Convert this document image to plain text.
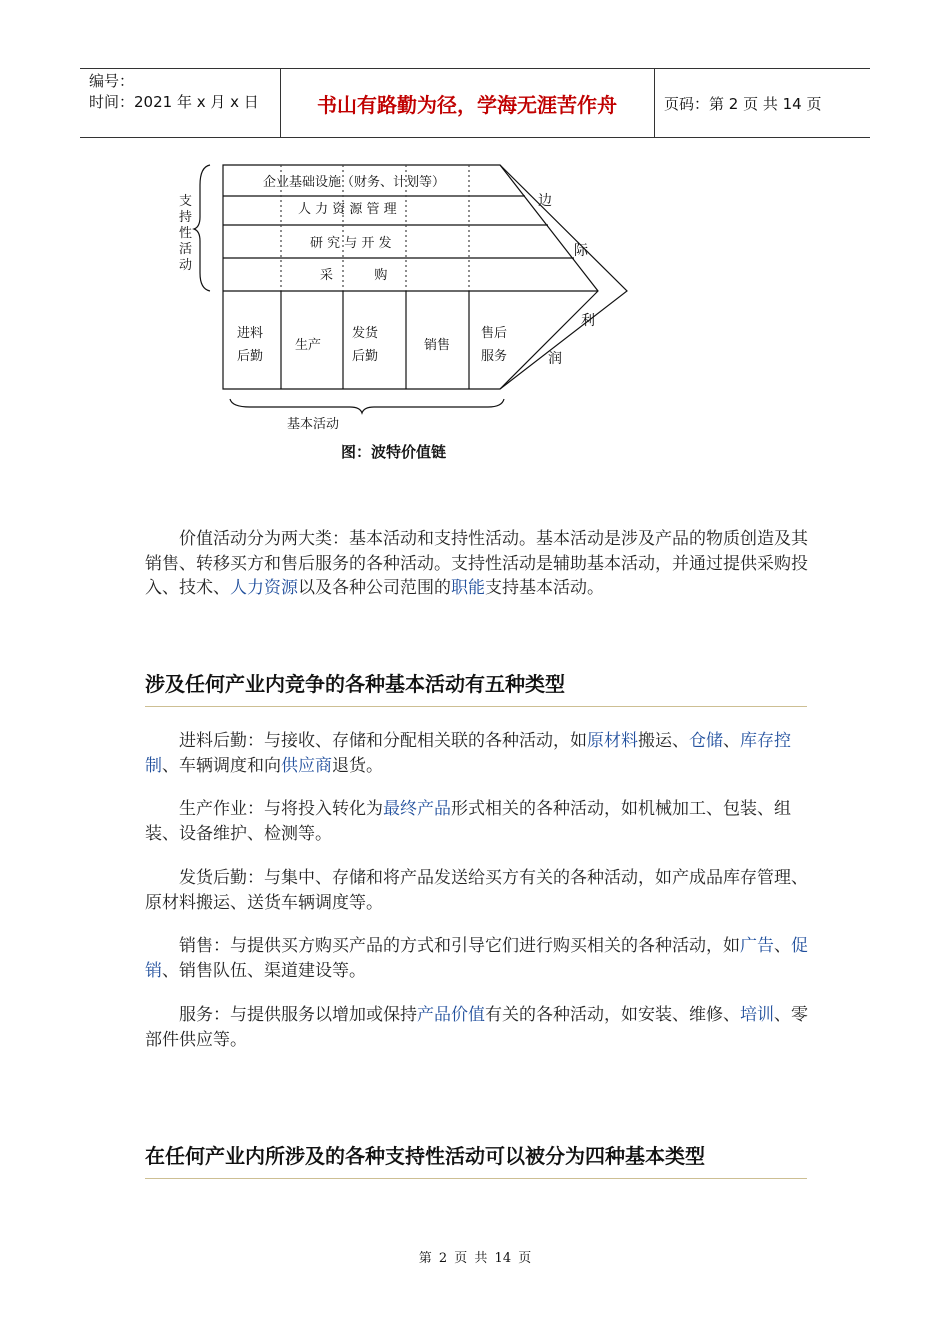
编号：
时间：2021 年 x 月 x 日	书山有路勤为径，学海无涯苦作舟	页码：第 2 页 共 14 页
支
持
性
活
动
企业基础设施（财务、计划等）
人 力 资 源 管 理
研 究 与 开 发
采          购
进料
后勤
生产
发货
后勤
销售
售后
服务
边
际
利
润
基本活动
图：波特价值链

价值活动分为两大类：基本活动和支持性活动。基本活动是涉及产品的物质创造及其销售、转移买方和售后服务的各种活动。支持性活动是辅助基本活动，并通过提供采购投入、技术、人力资源以及各种公司范围的职能支持基本活动。

涉及任何产业内竞争的各种基本活动有五种类型

进料后勤：与接收、存储和分配相关联的各种活动，如原材料搬运、仓储、库存控制、车辆调度和向供应商退货。

生产作业：与将投入转化为最终产品形式相关的各种活动，如机械加工、包装、组装、设备维护、检测等。

发货后勤：与集中、存储和将产品发送给买方有关的各种活动，如产成品库存管理、原材料搬运、送货车辆调度等。

销售：与提供买方购买产品的方式和引导它们进行购买相关的各种活动，如广告、促销、销售队伍、渠道建设等。

服务：与提供服务以增加或保持产品价值有关的各种活动，如安装、维修、培训、零部件供应等。

在任何产业内所涉及的各种支持性活动可以被分为四种基本类型
第 2 页 共 14 页
